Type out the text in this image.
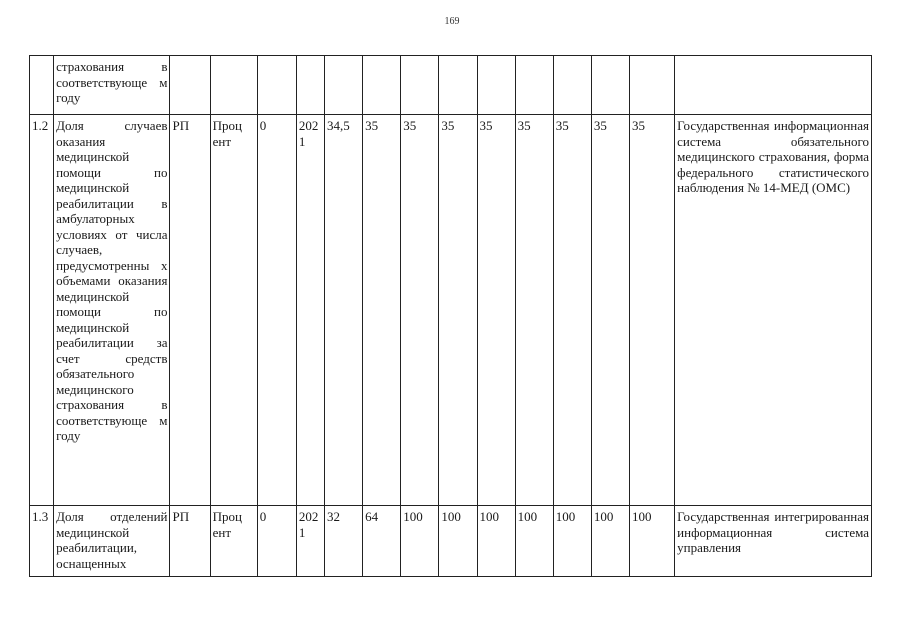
169
	страхования в соответствующе м году														
1.2	Доля случаев оказания медицинской помощи по медицинской реабилитации в амбулаторных условиях от числа случаев, предусмотренны х объемами оказания медицинской помощи по медицинской реабилитации за счет средств обязательного медицинского страхования в соответствующе м году	РП	Проц ент	0	2021	34,5	35	35	35	35	35	35	35	35	Государственная информационная система обязательного медицинского страхования, форма федерального статистического наблюдения № 14-МЕД (ОМС)
1.3	Доля отделений медицинской реабилитации, оснащенных	РП	Проц ент	0	2021	32	64	100	100	100	100	100	100	100	Государственная интегрированная информационная система управления
